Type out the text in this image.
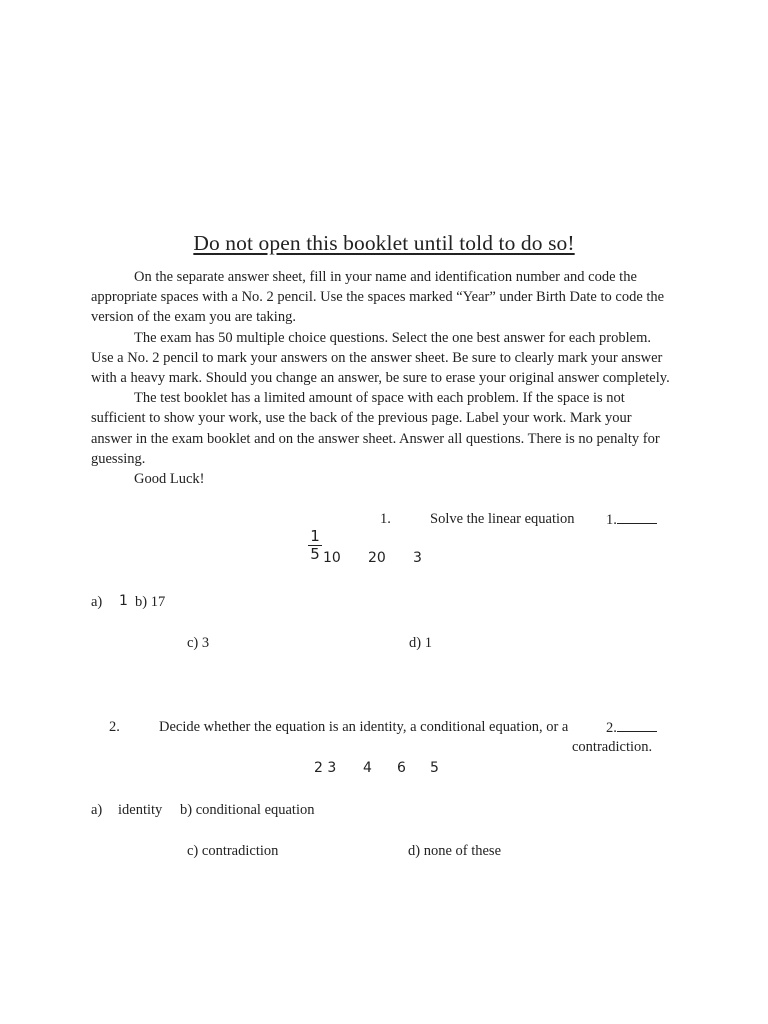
Do not open this booklet until told to do so!

On the separate answer sheet, fill in your name and identification number and code the appropriate spaces with a No. 2 pencil. Use the spaces marked “Year” under Birth Date to code the version of the exam you are taking.

The exam has 50 multiple choice questions. Select the one best answer for each problem. Use a No. 2 pencil to mark your answers on the answer sheet. Be sure to clearly mark your answer with a heavy mark. Should you change an answer, be sure to erase your original answer completely.

The test booklet has a limited amount of space with each problem. If the space is not sufficient to show your work, use the back of the previous page. Label your work. Mark your answer in the exam booklet and on the answer sheet. Answer all questions. There is no penalty for guessing.

Good Luck!

1.	Solve the linear equation 1.
$\frac{1}{5} 10$ 20 3
a) 1 b) 17
c) 3	d) 1
2.	Decide whether the equation is an identity, a conditional equation, or a	2.
contradiction.
2 3 4 6 5
a) identity b) conditional equation
c) contradiction	d) none of these
